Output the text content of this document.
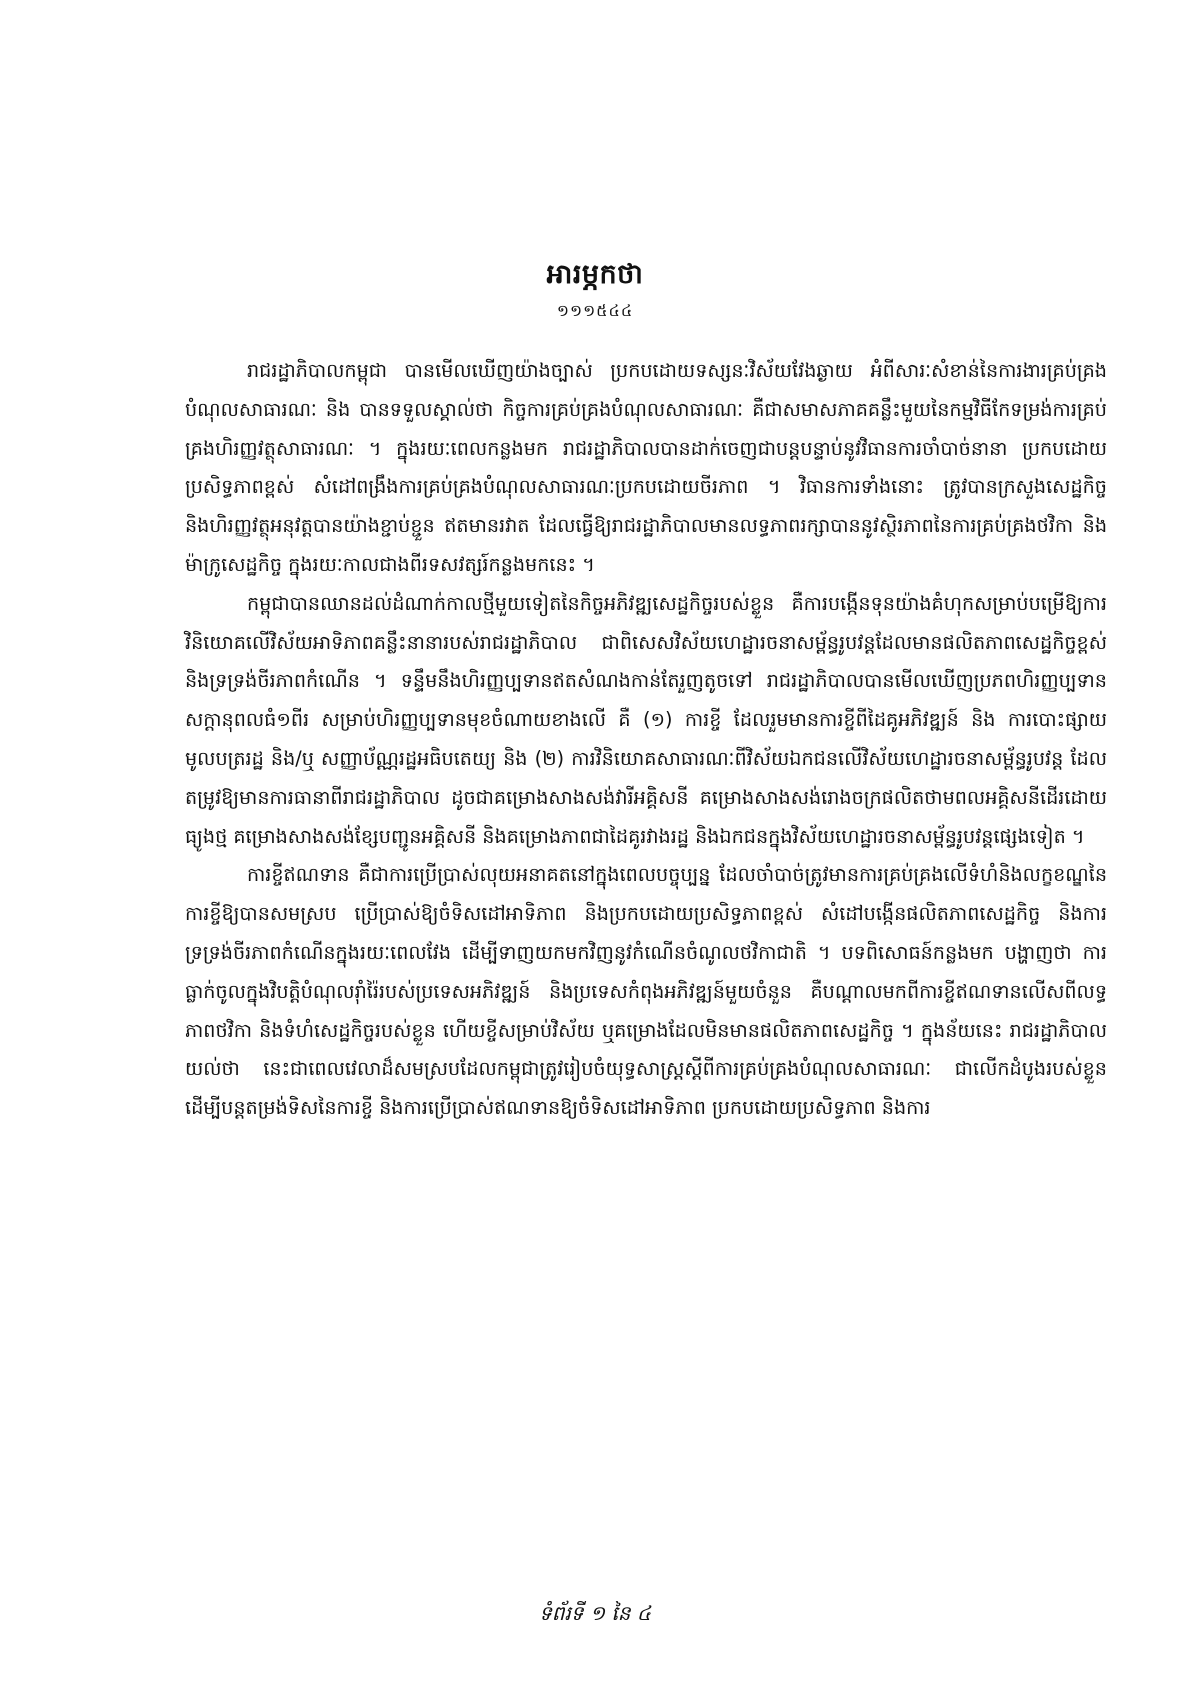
អារម្ភកថា
១១១៥៤៤

រាជរដ្ឋាភិបាលកម្ពុជា បានមើលឃើញយ៉ាងច្បាស់ ប្រកបដោយទស្សនៈវិស័យវែងឆ្ងាយ អំពីសារៈសំខាន់នៃការងារគ្រប់គ្រងបំណុលសាធារណៈ និង បានទទួលស្គាល់ថា កិច្ចការគ្រប់គ្រងបំណុលសាធារណៈ គឺជាសមាសភាគគន្លឹះមួយនៃកម្មវិធីកែទម្រង់ការគ្រប់គ្រងហិរញ្ញវត្ថុសាធារណៈ ។ ក្នុងរយៈពេលកន្លងមក រាជរដ្ឋាភិបាលបានដាក់ចេញជាបន្តបន្ទាប់នូវវិធានការចាំបាច់នានា ប្រកបដោយប្រសិទ្ធភាពខ្ពស់ សំដៅពង្រឹងការគ្រប់គ្រងបំណុលសាធារណៈប្រកបដោយចីរភាព ។ វិធានការទាំងនោះ ត្រូវបានក្រសួងសេដ្ឋកិច្ច និងហិរញ្ញវត្ថុអនុវត្តបានយ៉ាងខ្ជាប់ខ្ជួន ឥតមានរវាត ដែលធ្វើឱ្យរាជរដ្ឋាភិបាលមានលទ្ធភាពរក្សាបាននូវស្ថិរភាពនៃការគ្រប់គ្រងថវិកា និងម៉ាក្រូសេដ្ឋកិច្ច ក្នុងរយៈកាលជាងពីរទសវត្សរ៍កន្លងមកនេះ ។

កម្ពុជាបានឈានដល់ដំណាក់កាលថ្មីមួយទៀតនៃកិច្ចអភិវឌ្ឍសេដ្ឋកិច្ចរបស់ខ្លួន គឺការបង្កើនទុនយ៉ាងគំហុកសម្រាប់បម្រើឱ្យការវិនិយោគលើវិស័យអាទិភាពគន្លឹះនានារបស់រាជរដ្ឋាភិបាល ជាពិសេសវិស័យហេដ្ឋារចនាសម្ព័ន្ធរូបវន្តដែលមានផលិតភាពសេដ្ឋកិច្ចខ្ពស់ និងទ្រទ្រង់ចីរភាពកំណើន ។ ទន្ទឹមនឹងហិរញ្ញប្បទានឥតសំណងកាន់តែរួញតូចទៅ រាជរដ្ឋាភិបាលបានមើលឃើញប្រភពហិរញ្ញប្បទានសក្តានុពលធំ១ពីរ សម្រាប់ហិរញ្ញប្បទានមុខចំណាយខាងលើ គឺ (១) ការខ្ចី ដែលរួមមានការខ្ចីពីដៃគូអភិវឌ្ឍន៍ និង ការបោះផ្សាយមូលបត្ររដ្ឋ និង/ឬ សញ្ញាប័ណ្ណរដ្ឋអធិបតេយ្យ និង (២) ការវិនិយោគសាធារណៈពីវិស័យឯកជនលើវិស័យហេដ្ឋារចនាសម្ព័ន្ធរូបវន្ត ដែលតម្រូវឱ្យមានការធានាពីរាជរដ្ឋាភិបាល ដូចជាគម្រោងសាងសង់វារីអគ្គិសនី គម្រោងសាងសង់រោងចក្រផលិតថាមពលអគ្គិសនីដើរដោយធ្យូងថ្ម គម្រោងសាងសង់ខ្សែបញ្ជូនអគ្គិសនី និងគម្រោងភាពជាដៃគូរវាងរដ្ឋ និងឯកជនក្នុងវិស័យហេដ្ឋារចនាសម្ព័ន្ធរូបវន្តផ្សេងទៀត ។

ការខ្ចីឥណទាន គឺជាការប្រើប្រាស់លុយអនាគតនៅក្នុងពេលបច្ចុប្បន្ន ដែលចាំបាច់ត្រូវមានការគ្រប់គ្រងលើទំហំនិងលក្ខខណ្ឌនៃការខ្ចីឱ្យបានសមស្រប ប្រើប្រាស់ឱ្យចំទិសដៅអាទិភាព និងប្រកបដោយប្រសិទ្ធភាពខ្ពស់ សំដៅបង្កើនផលិតភាពសេដ្ឋកិច្ច និងការទ្រទ្រង់ចីរភាពកំណើនក្នុងរយៈពេលវែង ដើម្បីទាញយកមកវិញនូវកំណើនចំណូលថវិកាជាតិ ។ បទពិសោធន៍កន្លងមក បង្ហាញថា ការធ្លាក់ចូលក្នុងវិបត្តិបំណុលរ៉ាំរ៉ៃរបស់ប្រទេសអភិវឌ្ឍន៍ និងប្រទេសកំពុងអភិវឌ្ឍន៍មួយចំនួន គឺបណ្តាលមកពីការខ្ចីឥណទានលើសពីលទ្ធភាពថវិកា និងទំហំសេដ្ឋកិច្ចរបស់ខ្លួន ហើយខ្ចីសម្រាប់វិស័យ ឬគម្រោងដែលមិនមានផលិតភាពសេដ្ឋកិច្ច ។ ក្នុងន័យនេះ រាជរដ្ឋាភិបាលយល់ថា នេះជាពេលវេលាដ៏សមស្របដែលកម្ពុជាត្រូវរៀបចំយុទ្ធសាស្ត្រស្តីពីការគ្រប់គ្រងបំណុលសាធារណៈ ជាលើកដំបូងរបស់ខ្លួន ដើម្បីបន្តតម្រង់ទិសនៃការខ្ចី និងការប្រើប្រាស់ឥណទានឱ្យចំទិសដៅអាទិភាព ប្រកបដោយប្រសិទ្ធភាព និងការ

ទំព័រទី ១ នៃ ៤
